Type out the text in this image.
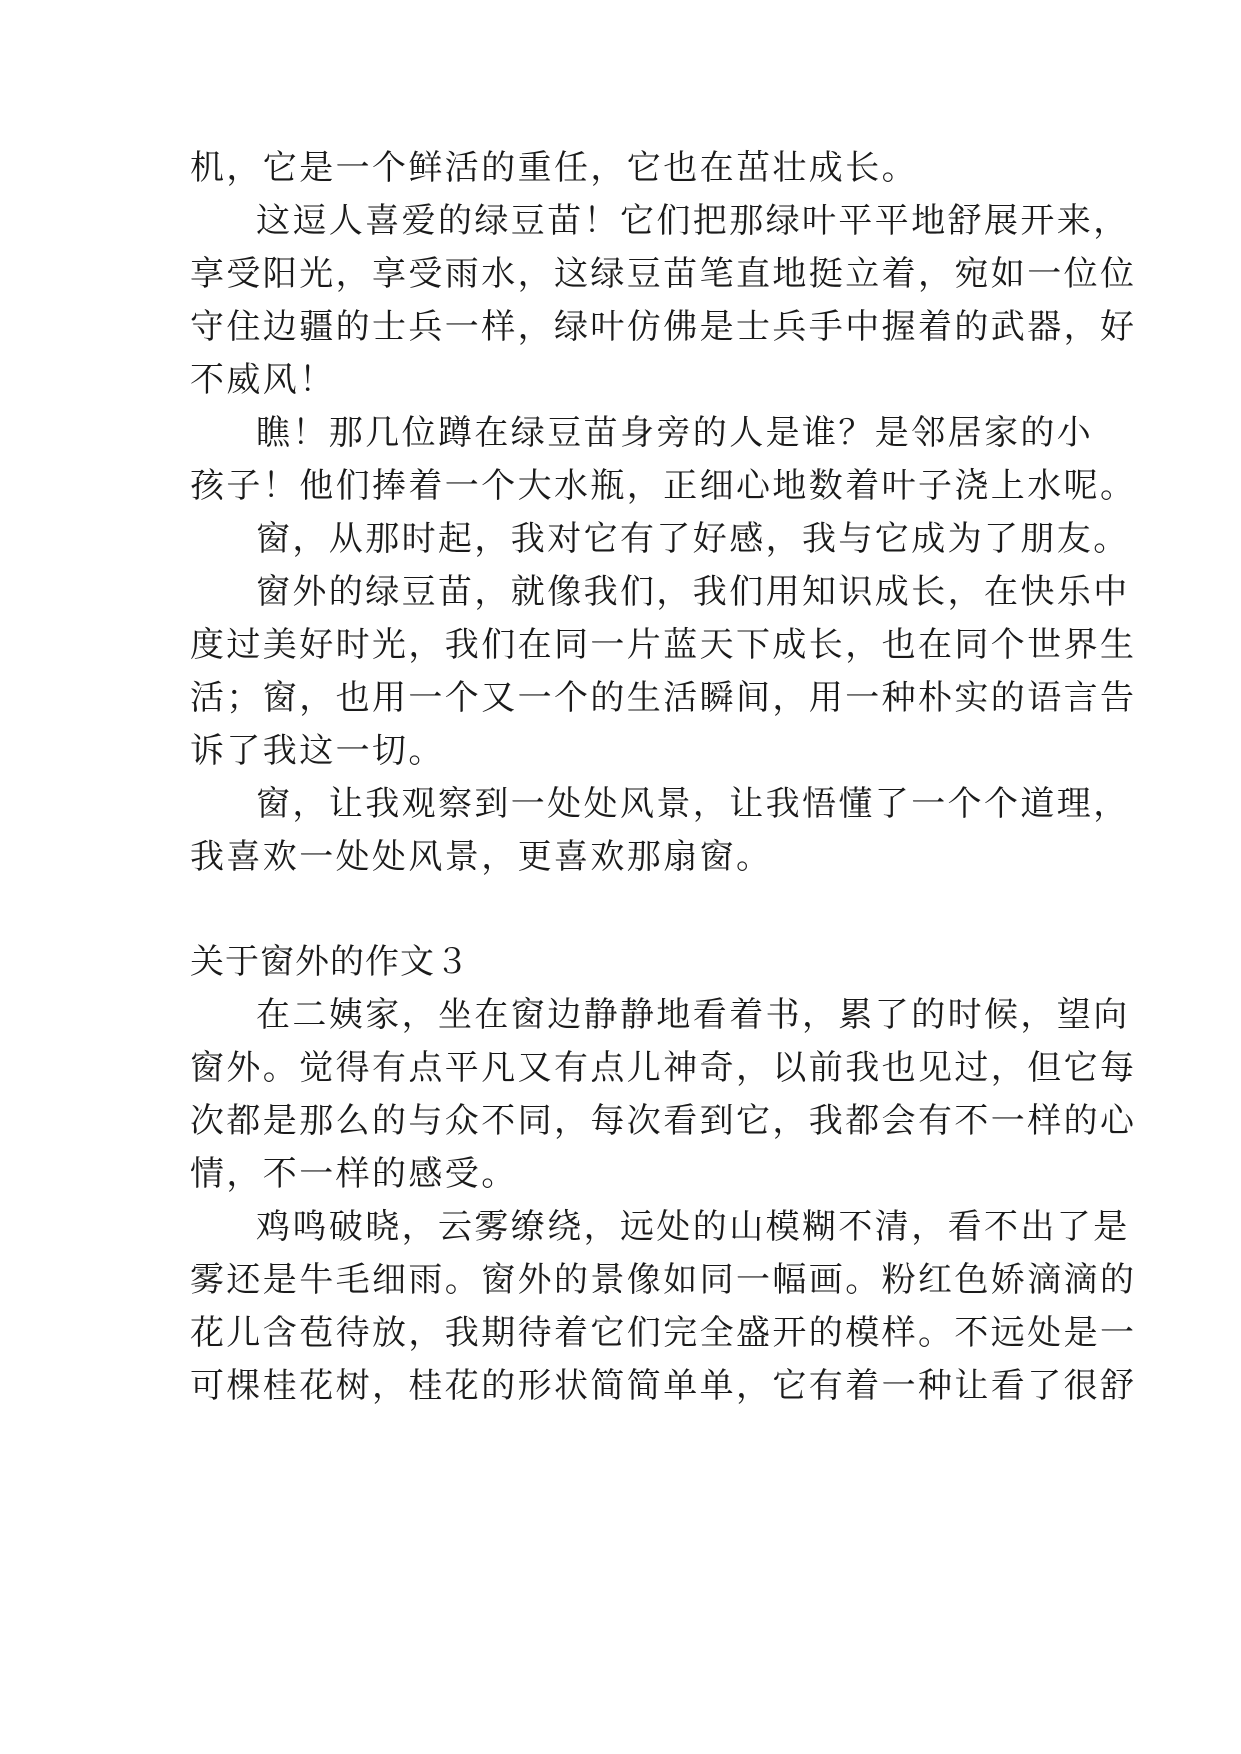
机，它是一个鲜活的重任，它也在茁壮成长。
这逗人喜爱的绿豆苗！它们把那绿叶平平地舒展开来，
享受阳光，享受雨水，这绿豆苗笔直地挺立着，宛如一位位
守住边疆的士兵一样，绿叶仿佛是士兵手中握着的武器，好
不威风！
瞧！那几位蹲在绿豆苗身旁的人是谁？是邻居家的小
孩子！他们捧着一个大水瓶，正细心地数着叶子浇上水呢。
窗，从那时起，我对它有了好感，我与它成为了朋友。
窗外的绿豆苗，就像我们，我们用知识成长，在快乐中
度过美好时光，我们在同一片蓝天下成长，也在同个世界生
活；窗，也用一个又一个的生活瞬间，用一种朴实的语言告
诉了我这一切。
窗，让我观察到一处处风景，让我悟懂了一个个道理，
我喜欢一处处风景，更喜欢那扇窗。
关于窗外的作文３
在二姨家，坐在窗边静静地看着书，累了的时候，望向
窗外。觉得有点平凡又有点儿神奇，以前我也见过，但它每
次都是那么的与众不同，每次看到它，我都会有不一样的心
情，不一样的感受。
鸡鸣破晓，云雾缭绕，远处的山模糊不清，看不出了是
雾还是牛毛细雨。窗外的景像如同一幅画。粉红色娇滴滴的
花儿含苞待放，我期待着它们完全盛开的模样。不远处是一
可棵桂花树，桂花的形状简简单单，它有着一种让看了很舒
